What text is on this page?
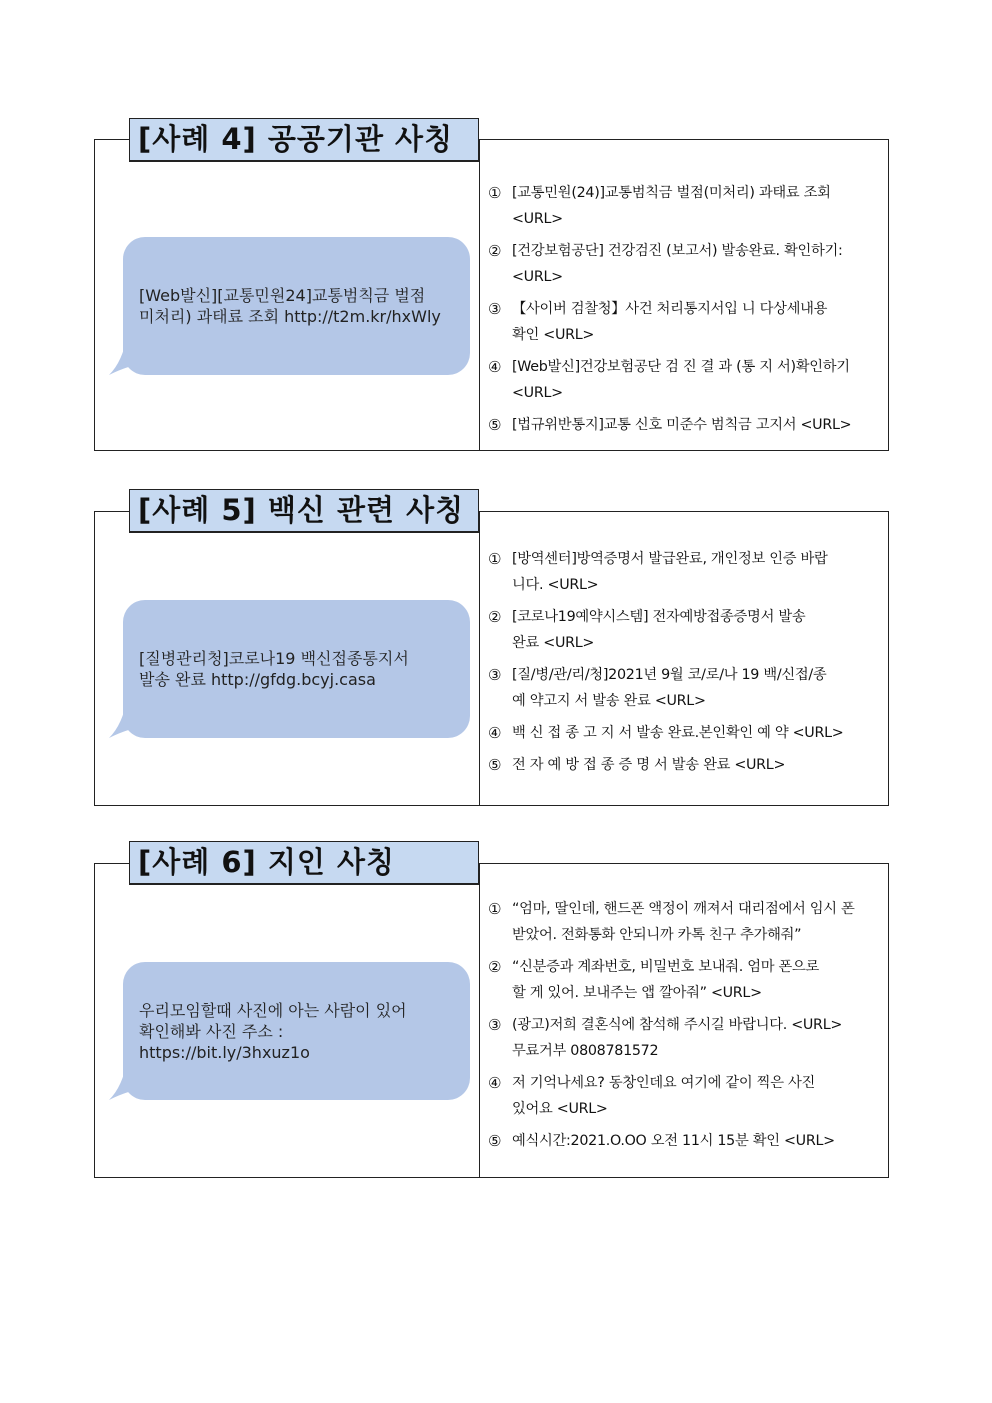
[Web발신][교통민원24]교통범칙금 벌점
미처리) 과태료 조회 http://t2m.kr/hxWly
① [교통민원(24)]교통범칙금 벌점(미처리) 과태료 조회
<URL>
② [건강보험공단] 건강검진 (보고서) 발송완료. 확인하기:
<URL>
③ 【사이버 검찰청】사건 처리통지서입 니 다상세내용
확인 <URL>
④ [Web발신]건강보험공단 검 진 결 과 (통 지 서)확인하기
<URL>
⑤ [법규위반통지]교통 신호 미준수 범칙금 고지서 <URL>
[사례 4] 공공기관 사칭
[질병관리청]코로나19 백신접종통지서
발송 완료 http://gfdg.bcyj.casa
① [방역센터]방역증명서 발급완료, 개인정보 인증 바랍
니다. <URL>
② [코로나19예약시스템] 전자예방접종증명서 발송
완료 <URL>
③ [질/병/관/리/청]2021년 9월 코/로/나 19 백/신접/종
예 약고지 서 발송 완료 <URL>
④ 백 신 접 종 고 지 서 발송 완료.본인확인 예 약 <URL>
⑤ 전 자 예 방 접 종 증 명 서 발송 완료 <URL>
[사례 5] 백신 관련 사칭
우리모임할때 사진에 아는 사람이 있어
확인해봐 사진 주소 :
https://bit.ly/3hxuz1o
① “엄마, 딸인데, 핸드폰 액정이 깨져서 대리점에서 임시 폰
받았어. 전화통화 안되니까 카톡 친구 추가해줘”
② “신분증과 계좌번호, 비밀번호 보내줘. 엄마 폰으로
할 게 있어. 보내주는 앱 깔아줘” <URL>
③ (광고)저희 결혼식에 참석해 주시길 바랍니다. <URL>
무료거부 0808781572
④ 저 기억나세요? 동창인데요 여기에 같이 찍은 사진
있어요 <URL>
⑤ 예식시간:2021.O.OO 오전 11시 15분 확인 <URL>
[사례 6] 지인 사칭
